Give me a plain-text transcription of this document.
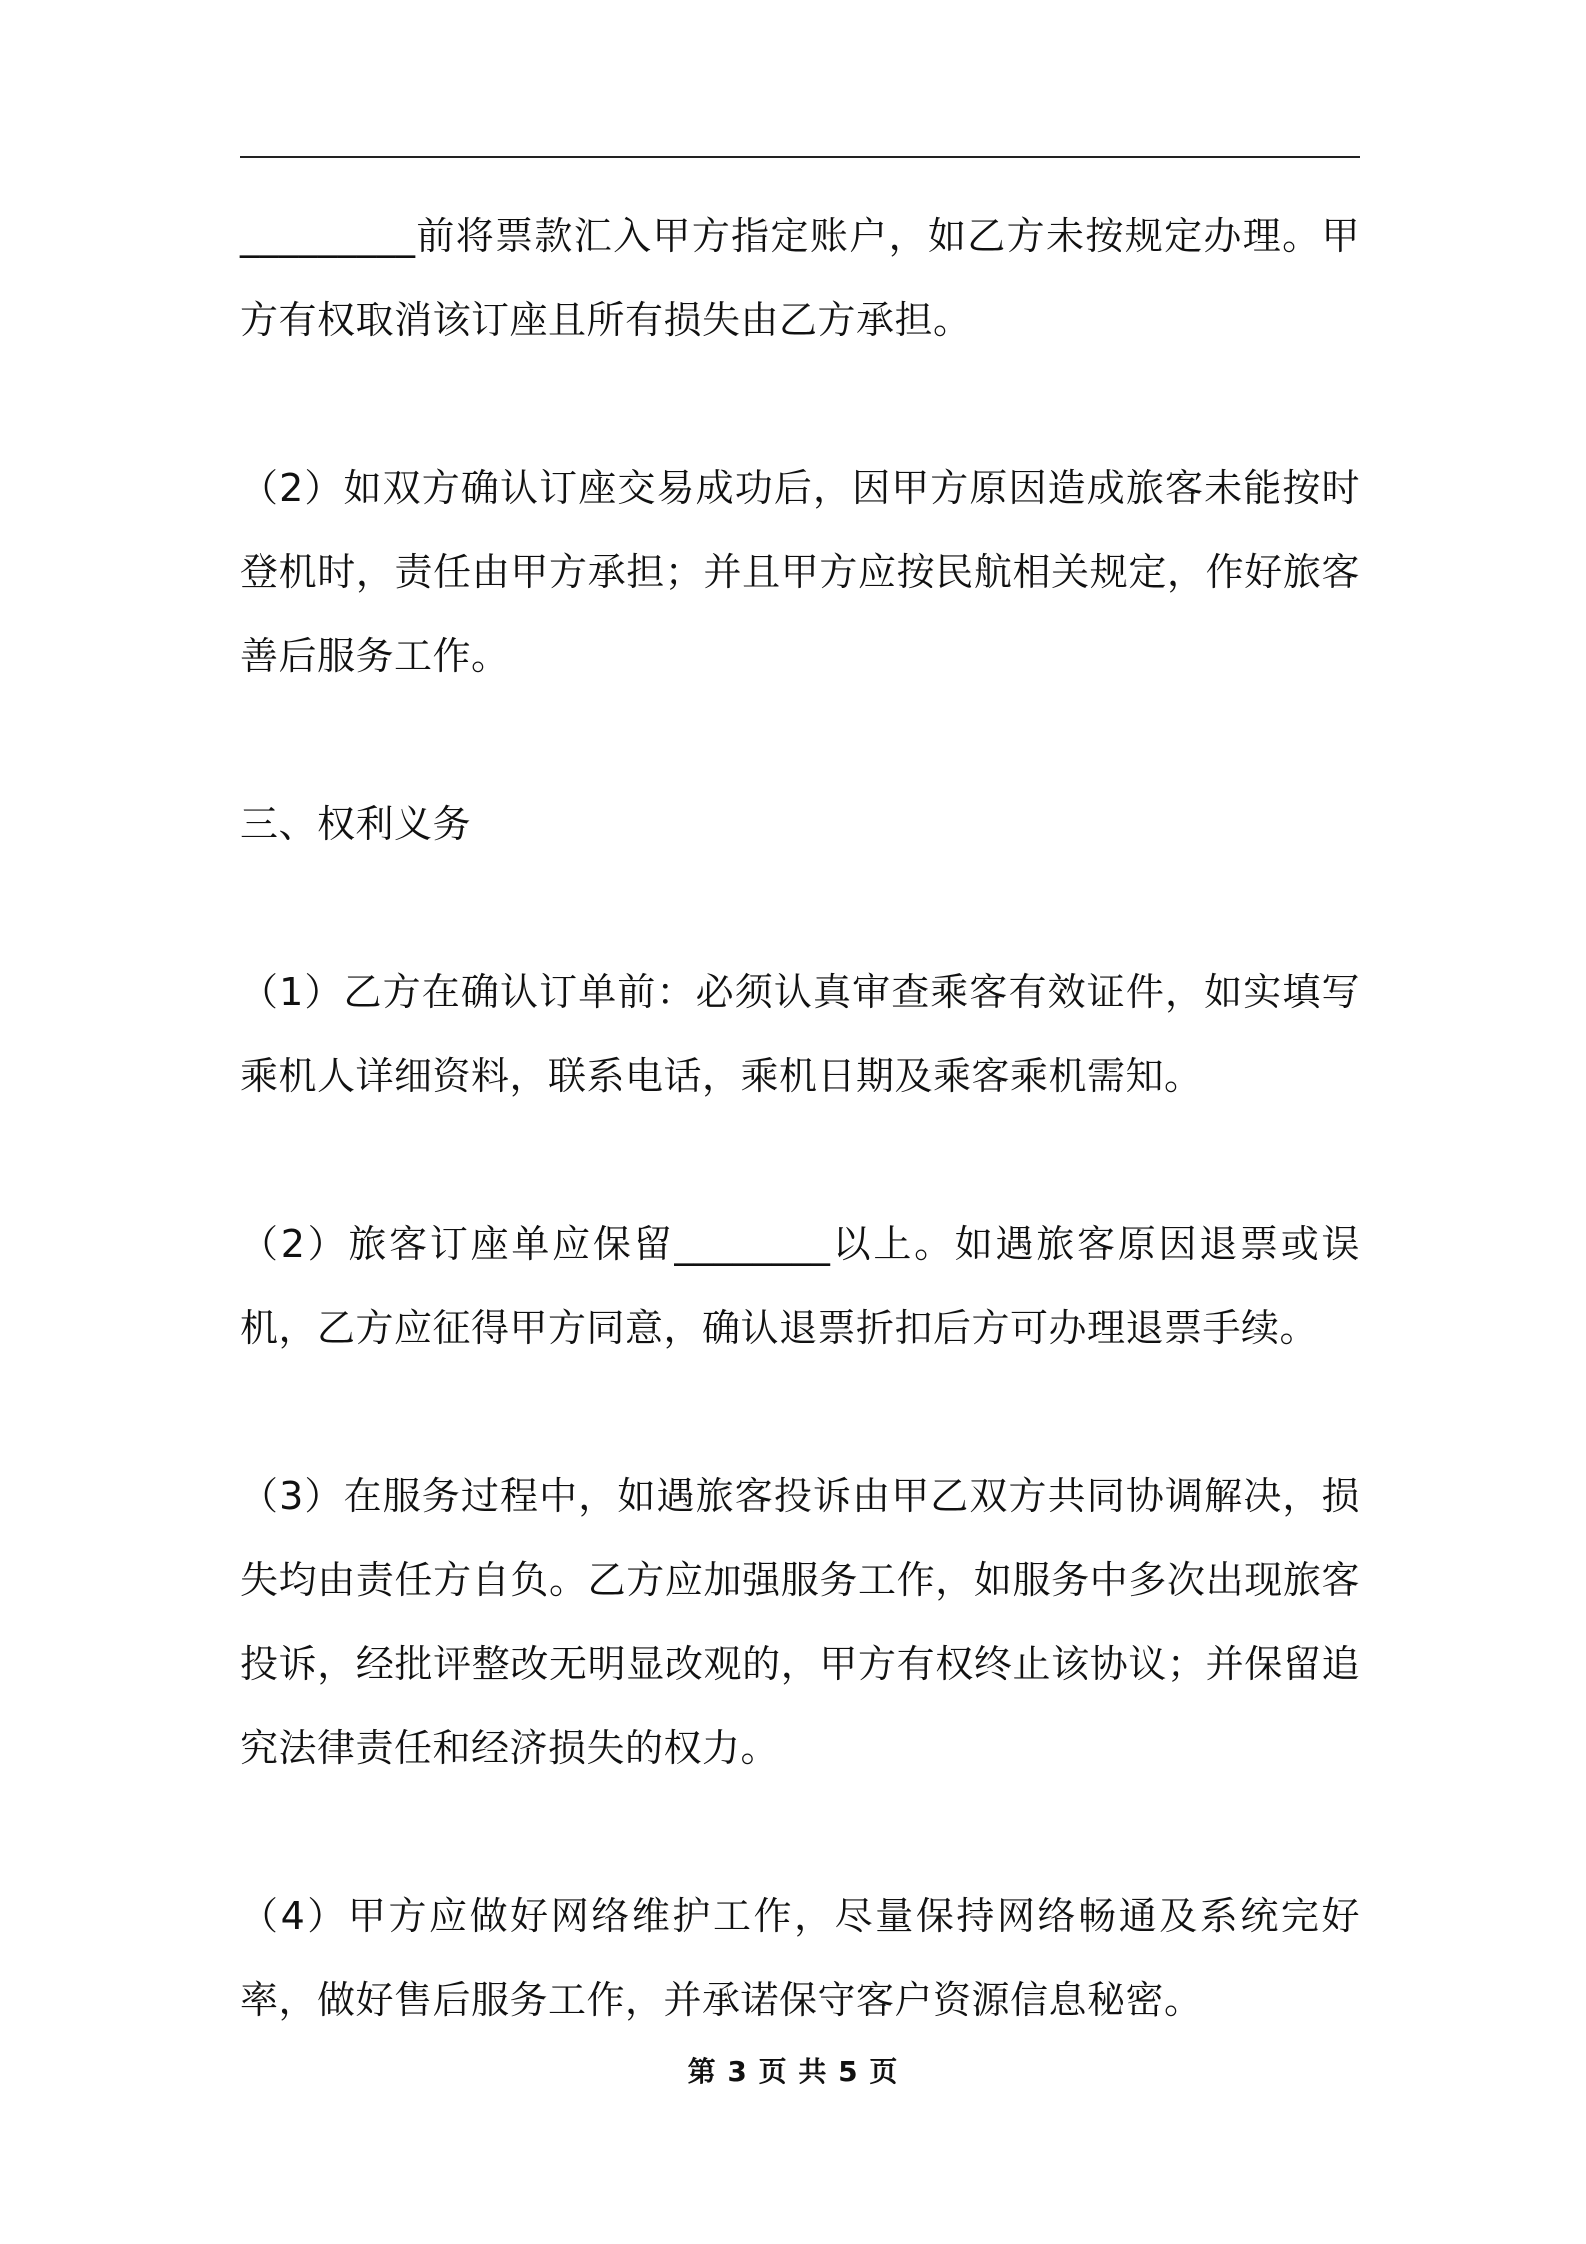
_________前将票款汇入甲方指定账户，如乙方未按规定办理。甲方有权取消该订座且所有损失由乙方承担。

（2）如双方确认订座交易成功后，因甲方原因造成旅客未能按时登机时，责任由甲方承担；并且甲方应按民航相关规定，作好旅客善后服务工作。

三、权利义务

（1）乙方在确认订单前：必须认真审查乘客有效证件，如实填写乘机人详细资料，联系电话，乘机日期及乘客乘机需知。

（2）旅客订座单应保留________以上。如遇旅客原因退票或误机，乙方应征得甲方同意，确认退票折扣后方可办理退票手续。

（3）在服务过程中，如遇旅客投诉由甲乙双方共同协调解决，损失均由责任方自负。乙方应加强服务工作，如服务中多次出现旅客投诉，经批评整改无明显改观的，甲方有权终止该协议；并保留追究法律责任和经济损失的权力。

（4）甲方应做好网络维护工作，尽量保持网络畅通及系统完好率，做好售后服务工作，并承诺保守客户资源信息秘密。

第 3 页 共 5 页
